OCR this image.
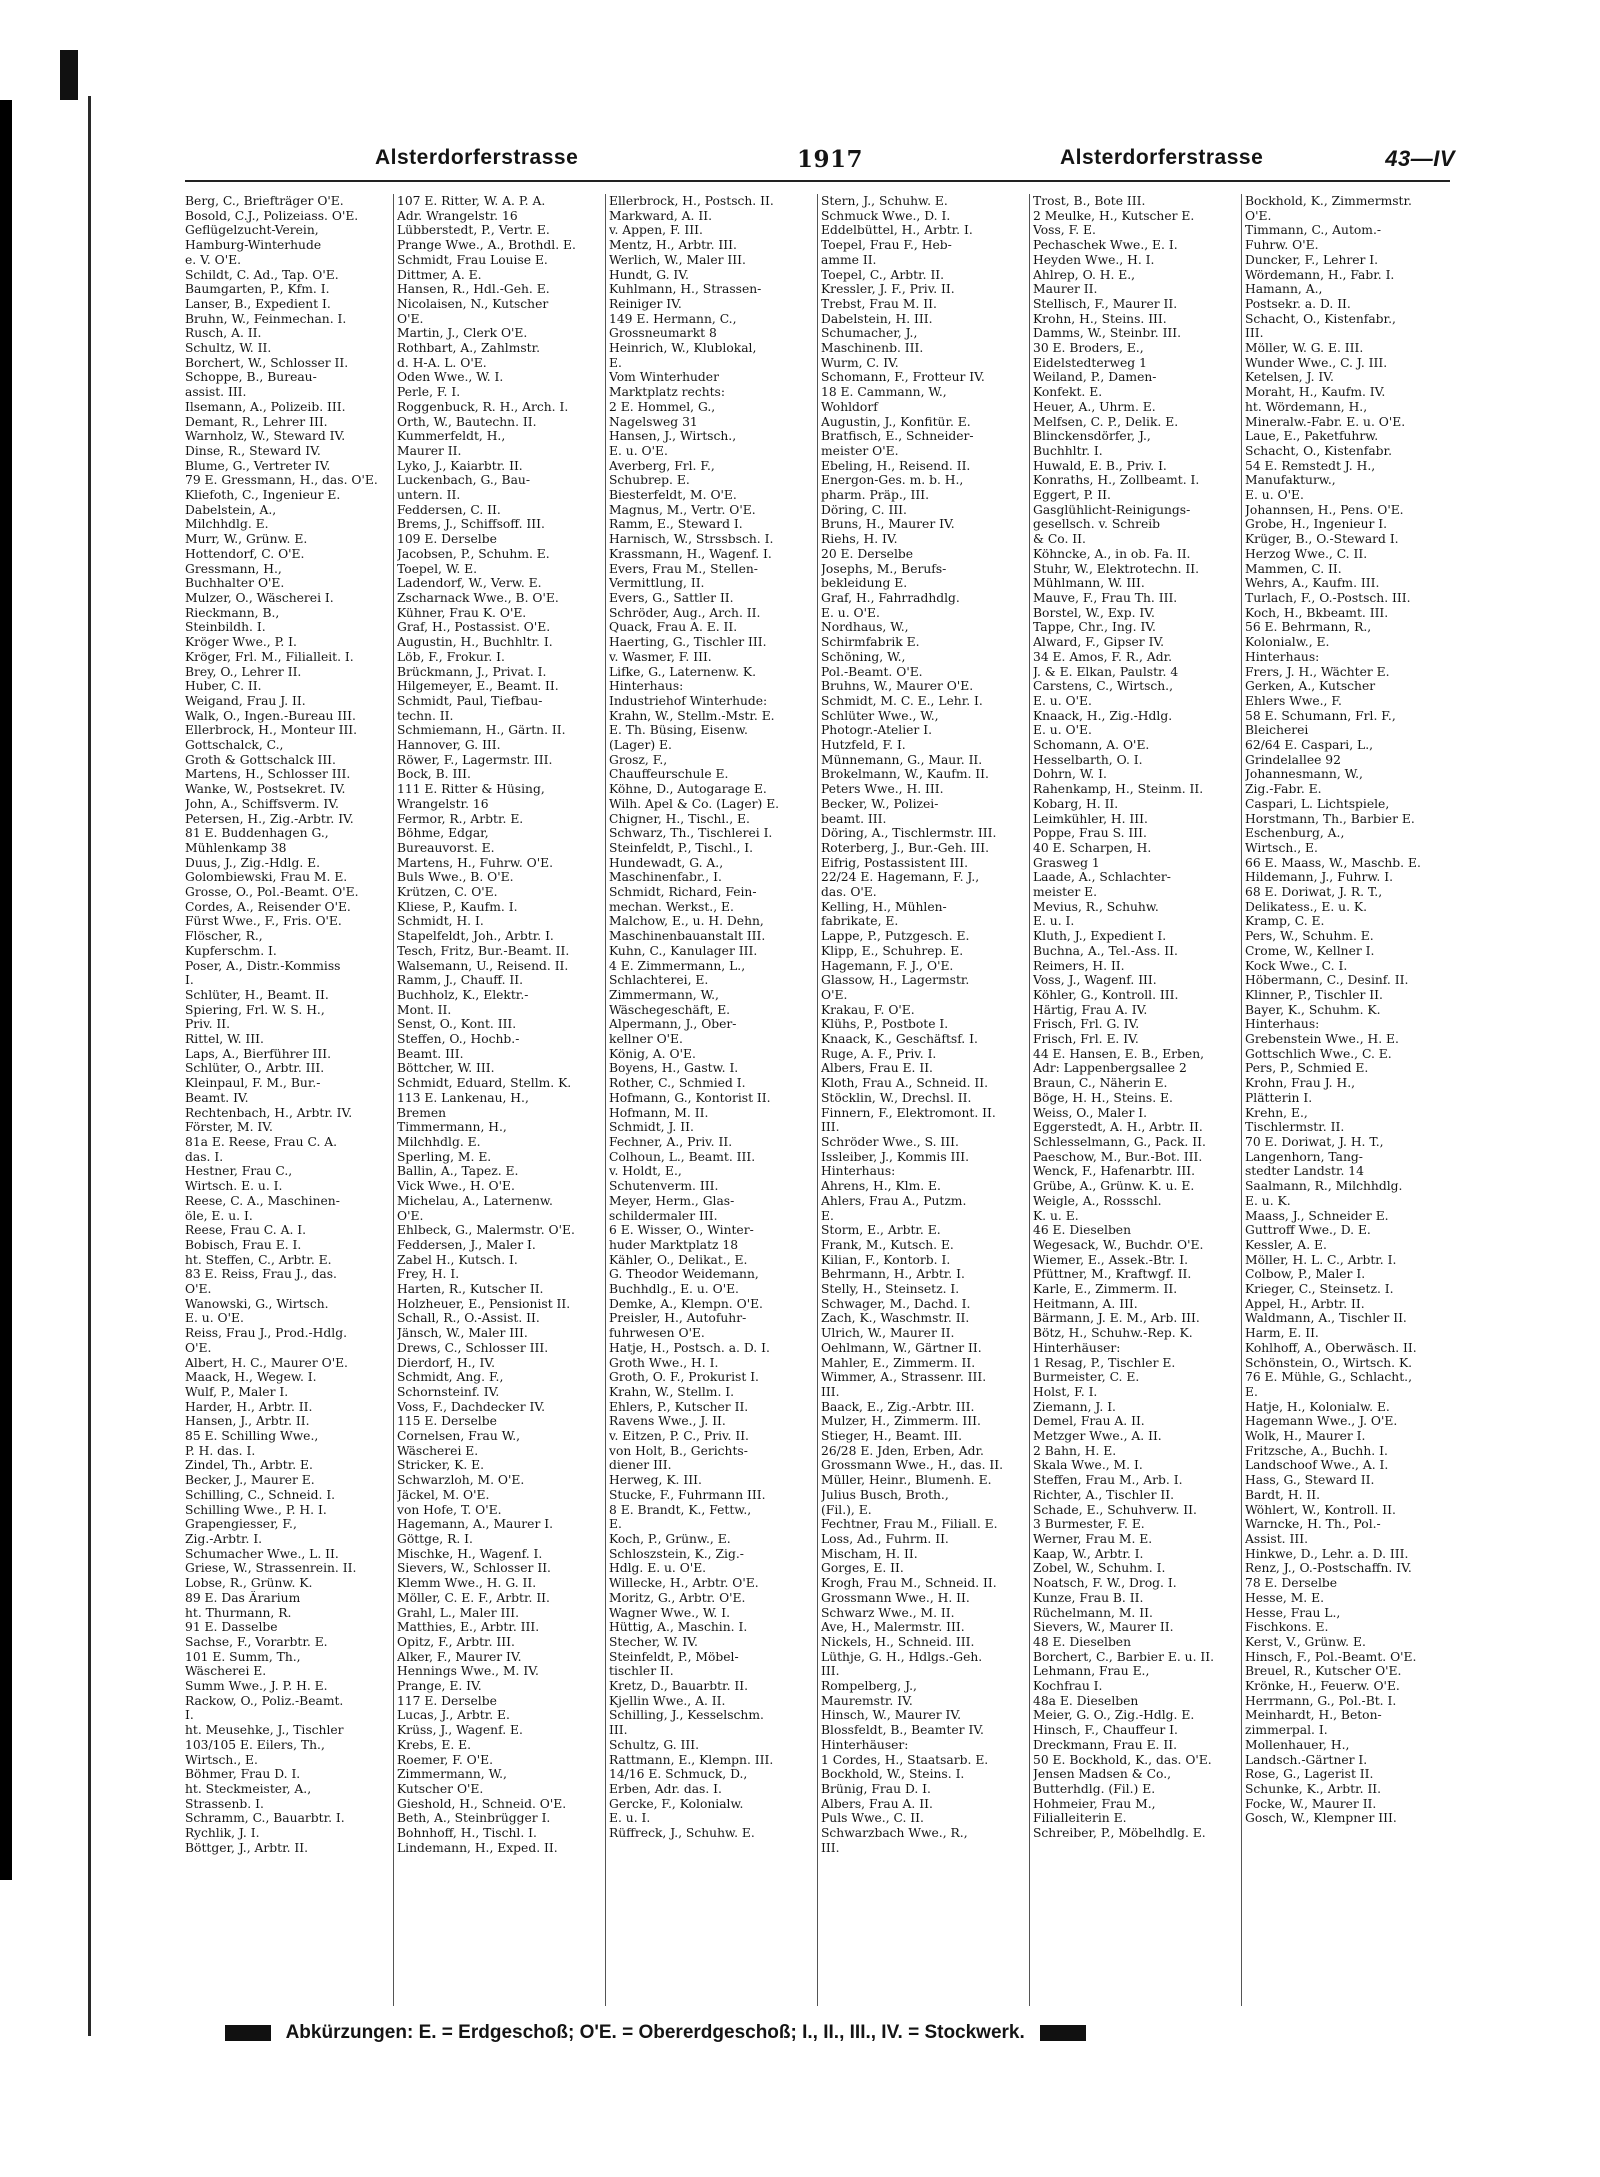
Alsterdorferstrasse	1917	Alsterdorferstrasse	43—IV
Berg, C., Briefträger O'E.
Bosold, C.J., Polizeiass. O'E.
Geflügelzucht-Verein,
Hamburg-Winterhude
e. V. O'E.
Schildt, C. Ad., Tap. O'E.
Baumgarten, P., Kfm. I.
Lanser, B., Expedient I.
Bruhn, W., Feinmechan. I.
Rusch, A. II.
Schultz, W. II.
Borchert, W., Schlosser II.
Schoppe, B., Bureau-
assist. III.
Ilsemann, A., Polizeib. III.
Demant, R., Lehrer III.
Warnholz, W., Steward IV.
Dinse, R., Steward IV.
Blume, G., Vertreter IV.
79 E. Gressmann, H., das. O'E.
Kliefoth, C., Ingenieur E.
Dabelstein, A.,
Milchhdlg. E.
Murr, W., Grünw. E.
Hottendorf, C. O'E.
Gressmann, H.,
Buchhalter O'E.
Mulzer, O., Wäscherei I.
Rieckmann, B.,
Steinbildh. I.
Kröger Wwe., P. I.
Kröger, Frl. M., Filialleit. I.
Brey, O., Lehrer II.
Huber, C. II.
Weigand, Frau J. II.
Walk, O., Ingen.-Bureau III.
Ellerbrock, H., Monteur III.
Gottschalck, C.,
Groth & Gottschalck III.
Martens, H., Schlosser III.
Wanke, W., Postsekret. IV.
John, A., Schiffsverm. IV.
Petersen, H., Zig.-Arbtr. IV.
81 E. Buddenhagen G.,
Mühlenkamp 38
Duus, J., Zig.-Hdlg. E.
Golombiewski, Frau M. E.
Grosse, O., Pol.-Beamt. O'E.
Cordes, A., Reisender O'E.
Fürst Wwe., F., Fris. O'E.
Flöscher, R.,
Kupferschm. I.
Poser, A., Distr.-Kommiss
I.
Schlüter, H., Beamt. II.
Spiering, Frl. W. S. H.,
Priv. II.
Rittel, W. III.
Laps, A., Bierführer III.
Schlüter, O., Arbtr. III.
Kleinpaul, F. M., Bur.-
Beamt. IV.
Rechtenbach, H., Arbtr. IV.
Förster, M. IV.
81a E. Reese, Frau C. A.
das. I.
Hestner, Frau C.,
Wirtsch. E. u. I.
Reese, C. A., Maschinen-
öle, E. u. I.
Reese, Frau C. A. I.
Bobisch, Frau E. I.
ht. Steffen, C., Arbtr. E.
83 E. Reiss, Frau J., das.
O'E.
Wanowski, G., Wirtsch.
E. u. O'E.
Reiss, Frau J., Prod.-Hdlg.
O'E.
Albert, H. C., Maurer O'E.
Maack, H., Wegew. I.
Wulf, P., Maler I.
Harder, H., Arbtr. II.
Hansen, J., Arbtr. II.
85 E. Schilling Wwe.,
P. H. das. I.
Zindel, Th., Arbtr. E.
Becker, J., Maurer E.
Schilling, C., Schneid. I.
Schilling Wwe., P. H. I.
Grapengiesser, F.,
Zig.-Arbtr. I.
Schumacher Wwe., L. II.
Griese, W., Strassenrein. II.
Lobse, R., Grünw. K.
89 E. Das Ärarium
ht. Thurmann, R.
91 E. Dasselbe
Sachse, F., Vorarbtr. E.
101 E. Summ, Th.,
Wäscherei E.
Summ Wwe., J. P. H. E.
Rackow, O., Poliz.-Beamt.
I.
ht. Meusehke, J., Tischler
103/105 E. Eilers, Th.,
Wirtsch., E.
Böhmer, Frau D. I.
ht. Steckmeister, A.,
Strassenb. I.
Schramm, C., Bauarbtr. I.
Rychlik, J. I.
Böttger, J., Arbtr. II.
107 E. Ritter, W. A. P. A.
Adr. Wrangelstr. 16
Lübberstedt, P., Vertr. E.
Prange Wwe., A., Brothdl. E.
Schmidt, Frau Louise E.
Dittmer, A. E.
Hansen, R., Hdl.-Geh. E.
Nicolaisen, N., Kutscher
O'E.
Martin, J., Clerk O'E.
Rothbart, A., Zahlmstr.
d. H-A. L. O'E.
Oden Wwe., W. I.
Perle, F. I.
Roggenbuck, R. H., Arch. I.
Orth, W., Bautechn. II.
Kummerfeldt, H.,
Maurer II.
Lyko, J., Kaiarbtr. II.
Luckenbach, G., Bau-
untern. II.
Feddersen, C. II.
Brems, J., Schiffsoff. III.
109 E. Derselbe
Jacobsen, P., Schuhm. E.
Toepel, W. E.
Ladendorf, W., Verw. E.
Zscharnack Wwe., B. O'E.
Kühner, Frau K. O'E.
Graf, H., Postassist. O'E.
Augustin, H., Buchhltr. I.
Löb, F., Frokur. I.
Brückmann, J., Privat. I.
Hilgemeyer, E., Beamt. II.
Schmidt, Paul, Tiefbau-
techn. II.
Schmiemann, H., Gärtn. II.
Hannover, G. III.
Röwer, F., Lagermstr. III.
Bock, B. III.
111 E. Ritter & Hüsing,
Wrangelstr. 16
Fermor, R., Arbtr. E.
Böhme, Edgar,
Bureauvorst. E.
Martens, H., Fuhrw. O'E.
Buls Wwe., B. O'E.
Krützen, C. O'E.
Kliese, P., Kaufm. I.
Schmidt, H. I.
Stapelfeldt, Joh., Arbtr. I.
Tesch, Fritz, Bur.-Beamt. II.
Walsemann, U., Reisend. II.
Ramm, J., Chauff. II.
Buchholz, K., Elektr.-
Mont. II.
Senst, O., Kont. III.
Steffen, O., Hochb.-
Beamt. III.
Böttcher, W. III.
Schmidt, Eduard, Stellm. K.
113 E. Lankenau, H.,
Bremen
Timmermann, H.,
Milchhdlg. E.
Sperling, M. E.
Ballin, A., Tapez. E.
Vick Wwe., H. O'E.
Michelau, A., Laternenw.
O'E.
Ehlbeck, G., Malermstr. O'E.
Feddersen, J., Maler I.
Zabel H., Kutsch. I.
Frey, H. I.
Harten, R., Kutscher II.
Holzheuer, E., Pensionist II.
Schall, R., O.-Assist. II.
Jänsch, W., Maler III.
Drews, C., Schlosser III.
Dierdorf, H., IV.
Schmidt, Ang. F.,
Schornsteinf. IV.
Voss, F., Dachdecker IV.
115 E. Derselbe
Cornelsen, Frau W.,
Wäscherei E.
Stricker, K. E.
Schwarzloh, M. O'E.
Jäckel, M. O'E.
von Hofe, T. O'E.
Hagemann, A., Maurer I.
Göttge, R. I.
Mischke, H., Wagenf. I.
Sievers, W., Schlosser II.
Klemm Wwe., H. G. II.
Möller, C. E. F., Arbtr. II.
Grahl, L., Maler III.
Matthies, E., Arbtr. III.
Opitz, F., Arbtr. III.
Alker, F., Maurer IV.
Hennings Wwe., M. IV.
Prange, E. IV.
117 E. Derselbe
Lucas, J., Arbtr. E.
Krüss, J., Wagenf. E.
Krebs, E. E.
Roemer, F. O'E.
Zimmermann, W.,
Kutscher O'E.
Gieshold, H., Schneid. O'E.
Beth, A., Steinbrügger I.
Bohnhoff, H., Tischl. I.
Lindemann, H., Exped. II.
Ellerbrock, H., Postsch. II.
Markward, A. II.
v. Appen, F. III.
Mentz, H., Arbtr. III.
Werlich, W., Maler III.
Hundt, G. IV.
Kuhlmann, H., Strassen-
Reiniger IV.
149 E. Hermann, C.,
Grossneumarkt 8
Heinrich, W., Klublokal,
E.
Vom Winterhuder
Marktplatz rechts:
2 E. Hommel, G.,
Nagelsweg 31
Hansen, J., Wirtsch.,
E. u. O'E.
Averberg, Frl. F.,
Schubrep. E.
Biesterfeldt, M. O'E.
Magnus, M., Vertr. O'E.
Ramm, E., Steward I.
Harnisch, W., Strssbsch. I.
Krassmann, H., Wagenf. I.
Evers, Frau M., Stellen-
Vermittlung, II.
Evers, G., Sattler II.
Schröder, Aug., Arch. II.
Quack, Frau A. E. II.
Haerting, G., Tischler III.
v. Wasmer, F. III.
Lifke, G., Laternenw. K.
Hinterhaus:
Industriehof Winterhude:
Krahn, W., Stellm.-Mstr. E.
E. Th. Büsing, Eisenw.
(Lager) E.
Grosz, F.,
Chauffeurschule E.
Köhne, D., Autogarage E.
Wilh. Apel & Co. (Lager) E.
Chigner, H., Tischl., E.
Schwarz, Th., Tischlerei I.
Steinfeldt, P., Tischl., I.
Hundewadt, G. A.,
Maschinenfabr., I.
Schmidt, Richard, Fein-
mechan. Werkst., E.
Malchow, E., u. H. Dehn,
Maschinenbauanstalt III.
Kuhn, C., Kanulager III.
4 E. Zimmermann, L.,
Schlachterei, E.
Zimmermann, W.,
Wäschegeschäft, E.
Alpermann, J., Ober-
kellner O'E.
König, A. O'E.
Boyens, H., Gastw. I.
Rother, C., Schmied I.
Hofmann, G., Kontorist II.
Hofmann, M. II.
Schmidt, J. II.
Fechner, A., Priv. II.
Colhoun, L., Beamt. III.
v. Holdt, E.,
Schutenverm. III.
Meyer, Herm., Glas-
schildermaler III.
6 E. Wisser, O., Winter-
huder Marktplatz 18
Kähler, O., Delikat., E.
G. Theodor Weidemann,
Buchhdlg., E. u. O'E.
Demke, A., Klempn. O'E.
Preisler, H., Autofuhr-
fuhrwesen O'E.
Hatje, H., Postsch. a. D. I.
Groth Wwe., H. I.
Groth, O. F., Prokurist I.
Krahn, W., Stellm. I.
Ehlers, P., Kutscher II.
Ravens Wwe., J. II.
v. Eitzen, P. C., Priv. II.
von Holt, B., Gerichts-
diener III.
Herweg, K. III.
Stucke, F., Fuhrmann III.
8 E. Brandt, K., Fettw.,
E.
Koch, P., Grünw., E.
Schloszstein, K., Zig.-
Hdlg. E. u. O'E.
Willecke, H., Arbtr. O'E.
Moritz, G., Arbtr. O'E.
Wagner Wwe., W. I.
Hüttig, A., Maschin. I.
Stecher, W. IV.
Steinfeldt, P., Möbel-
tischler II.
Kretz, D., Bauarbtr. II.
Kjellin Wwe., A. II.
Schilling, J., Kesselschm.
III.
Schultz, G. III.
Rattmann, E., Klempn. III.
14/16 E. Schmuck, D.,
Erben, Adr. das. I.
Gercke, F., Kolonialw.
E. u. I.
Rüffreck, J., Schuhw. E.
Stern, J., Schuhw. E.
Schmuck Wwe., D. I.
Eddelbüttel, H., Arbtr. I.
Toepel, Frau F., Heb-
amme II.
Toepel, C., Arbtr. II.
Kressler, J. F., Priv. II.
Trebst, Frau M. II.
Dabelstein, H. III.
Schumacher, J.,
Maschinenb. III.
Wurm, C. IV.
Schomann, F., Frotteur IV.
18 E. Cammann, W.,
Wohldorf
Augustin, J., Konfitür. E.
Bratfisch, E., Schneider-
meister O'E.
Ebeling, H., Reisend. II.
Energon-Ges. m. b. H.,
pharm. Präp., III.
Döring, C. III.
Bruns, H., Maurer IV.
Riehs, H. IV.
20 E. Derselbe
Josephs, M., Berufs-
bekleidung E.
Graf, H., Fahrradhdlg.
E. u. O'E.
Nordhaus, W.,
Schirmfabrik E.
Schöning, W.,
Pol.-Beamt. O'E.
Bruhns, W., Maurer O'E.
Schmidt, M. C. E., Lehr. I.
Schlüter Wwe., W.,
Photogr.-Atelier I.
Hutzfeld, F. I.
Münnemann, G., Maur. II.
Brokelmann, W., Kaufm. II.
Peters Wwe., H. III.
Becker, W., Polizei-
beamt. III.
Döring, A., Tischlermstr. III.
Roterberg, J., Bur.-Geh. III.
Eifrig, Postassistent III.
22/24 E. Hagemann, F. J.,
das. O'E.
Kelling, H., Mühlen-
fabrikate, E.
Lappe, P., Putzgesch. E.
Klipp, E., Schuhrep. E.
Hagemann, F. J., O'E.
Glassow, H., Lagermstr.
O'E.
Krakau, F. O'E.
Klühs, P., Postbote I.
Knaack, K., Geschäftsf. I.
Ruge, A. F., Priv. I.
Albers, Frau E. II.
Kloth, Frau A., Schneid. II.
Stöcklin, W., Drechsl. II.
Finnern, F., Elektromont. II.
III.
Schröder Wwe., S. III.
Issleiber, J., Kommis III.
Hinterhaus:
Ahrens, H., Klm. E.
Ahlers, Frau A., Putzm.
E.
Storm, E., Arbtr. E.
Frank, M., Kutsch. E.
Kilian, F., Kontorb. I.
Behrmann, H., Arbtr. I.
Stelly, H., Steinsetz. I.
Schwager, M., Dachd. I.
Zach, K., Waschmstr. II.
Ulrich, W., Maurer II.
Oehlmann, W., Gärtner II.
Mahler, E., Zimmerm. II.
Wimmer, A., Strassenr. III.
III.
Baack, E., Zig.-Arbtr. III.
Mulzer, H., Zimmerm. III.
Stieger, H., Beamt. III.
26/28 E. Jden, Erben, Adr.
Grossmann Wwe., H., das. II.
Müller, Heinr., Blumenh. E.
Julius Busch, Broth.,
(Fil.), E.
Fechtner, Frau M., Filiall. E.
Loss, Ad., Fuhrm. II.
Mischam, H. II.
Gorges, E. II.
Krogh, Frau M., Schneid. II.
Grossmann Wwe., H. II.
Schwarz Wwe., M. II.
Ave, H., Malermstr. III.
Nickels, H., Schneid. III.
Lüthje, G. H., Hdlgs.-Geh.
III.
Rompelberg, J.,
Mauremstr. IV.
Hinsch, W., Maurer IV.
Blossfeldt, B., Beamter IV.
Hinterhäuser:
1 Cordes, H., Staatsarb. E.
Bockhold, W., Steins. I.
Brünig, Frau D. I.
Albers, Frau A. II.
Puls Wwe., C. II.
Schwarzbach Wwe., R.,
III.
Trost, B., Bote III.
2 Meulke, H., Kutscher E.
Voss, F. E.
Pechaschek Wwe., E. I.
Heyden Wwe., H. I.
Ahlrep, O. H. E.,
Maurer II.
Stellisch, F., Maurer II.
Krohn, H., Steins. III.
Damms, W., Steinbr. III.
30 E. Broders, E.,
Eidelstedterweg 1
Weiland, P., Damen-
Konfekt. E.
Heuer, A., Uhrm. E.
Melfsen, C. P., Delik. E.
Blinckensdörfer, J.,
Buchhltr. I.
Huwald, E. B., Priv. I.
Konraths, H., Zollbeamt. I.
Eggert, P. II.
Gasglühlicht-Reinigungs-
gesellsch. v. Schreib
& Co. II.
Köhncke, A., in ob. Fa. II.
Stuhr, W., Elektrotechn. II.
Mühlmann, W. III.
Mauve, F., Frau Th. III.
Borstel, W., Exp. IV.
Tappe, Chr., Ing. IV.
Alward, F., Gipser IV.
34 E. Amos, F. R., Adr.
J. & E. Elkan, Paulstr. 4
Carstens, C., Wirtsch.,
E. u. O'E.
Knaack, H., Zig.-Hdlg.
E. u. O'E.
Schomann, A. O'E.
Hesselbarth, O. I.
Dohrn, W. I.
Rahenkamp, H., Steinm. II.
Kobarg, H. II.
Leimkühler, H. III.
Poppe, Frau S. III.
40 E. Scharpen, H.
Grasweg 1
Laade, A., Schlachter-
meister E.
Mevius, R., Schuhw.
E. u. I.
Kluth, J., Expedient I.
Buchna, A., Tel.-Ass. II.
Reimers, H. II.
Voss, J., Wagenf. III.
Köhler, G., Kontroll. III.
Härtig, Frau A. IV.
Frisch, Frl. G. IV.
Frisch, Frl. E. IV.
44 E. Hansen, E. B., Erben,
Adr: Lappenbergsallee 2
Braun, C., Näherin E.
Böge, H. H., Steins. E.
Weiss, O., Maler I.
Eggerstedt, A. H., Arbtr. II.
Schlesselmann, G., Pack. II.
Paeschow, M., Bur.-Bot. III.
Wenck, F., Hafenarbtr. III.
Grübe, A., Grünw. K. u. E.
Weigle, A., Rossschl.
K. u. E.
46 E. Dieselben
Wegesack, W., Buchdr. O'E.
Wiemer, E., Assek.-Btr. I.
Pfüttner, M., Kraftwgf. II.
Karle, E., Zimmerm. II.
Heitmann, A. III.
Bärmann, J. E. M., Arb. III.
Bötz, H., Schuhw.-Rep. K.
Hinterhäuser:
1 Resag, P., Tischler E.
Burmeister, C. E.
Holst, F. I.
Ziemann, J. I.
Demel, Frau A. II.
Metzger Wwe., A. II.
2 Bahn, H. E.
Skala Wwe., M. I.
Steffen, Frau M., Arb. I.
Richter, A., Tischler II.
Schade, E., Schuhverw. II.
3 Burmester, F. E.
Werner, Frau M. E.
Kaap, W., Arbtr. I.
Zobel, W., Schuhm. I.
Noatsch, F. W., Drog. I.
Kunze, Frau B. II.
Rüchelmann, M. II.
Sievers, W., Maurer II.
48 E. Dieselben
Borchert, C., Barbier E. u. II.
Lehmann, Frau E.,
Kochfrau I.
48a E. Dieselben
Meier, G. O., Zig.-Hdlg. E.
Hinsch, F., Chauffeur I.
Dreckmann, Frau E. II.
50 E. Bockhold, K., das. O'E.
Jensen Madsen & Co.,
Butterhdlg. (Fil.) E.
Hohmeier, Frau M.,
Filialleiterin E.
Schreiber, P., Möbelhdlg. E.
Bockhold, K., Zimmermstr.
O'E.
Timmann, C., Autom.-
Fuhrw. O'E.
Duncker, F., Lehrer I.
Wördemann, H., Fabr. I.
Hamann, A.,
Postsekr. a. D. II.
Schacht, O., Kistenfabr.,
III.
Möller, W. G. E. III.
Wunder Wwe., C. J. III.
Ketelsen, J. IV.
Moraht, H., Kaufm. IV.
ht. Wördemann, H.,
Mineralw.-Fabr. E. u. O'E.
Laue, E., Paketfuhrw.
Schacht, O., Kistenfabr.
54 E. Remstedt J. H.,
Manufakturw.,
E. u. O'E.
Johannsen, H., Pens. O'E.
Grobe, H., Ingenieur I.
Krüger, B., O.-Steward I.
Herzog Wwe., C. II.
Mammen, C. II.
Wehrs, A., Kaufm. III.
Turlach, F., O.-Postsch. III.
Koch, H., Bkbeamt. III.
56 E. Behrmann, R.,
Kolonialw., E.
Hinterhaus:
Frers, J. H., Wächter E.
Gerken, A., Kutscher
Ehlers Wwe., F.
58 E. Schumann, Frl. F.,
Bleicherei
62/64 E. Caspari, L.,
Grindelallee 92
Johannesmann, W.,
Zig.-Fabr. E.
Caspari, L. Lichtspiele,
Horstmann, Th., Barbier E.
Eschenburg, A.,
Wirtsch., E.
66 E. Maass, W., Maschb. E.
Hildemann, J., Fuhrw. I.
68 E. Doriwat, J. R. T.,
Delikatess., E. u. K.
Kramp, C. E.
Pers, W., Schuhm. E.
Crome, W., Kellner I.
Kock Wwe., C. I.
Höbermann, C., Desinf. II.
Klinner, P., Tischler II.
Bayer, K., Schuhm. K.
Hinterhaus:
Grebenstein Wwe., H. E.
Gottschlich Wwe., C. E.
Pers, P., Schmied E.
Krohn, Frau J. H.,
Plätterin I.
Krehn, E.,
Tischlermstr. II.
70 E. Doriwat, J. H. T.,
Langenhorn, Tang-
stedter Landstr. 14
Saalmann, R., Milchhdlg.
E. u. K.
Maass, J., Schneider E.
Guttroff Wwe., D. E.
Kessler, A. E.
Möller, H. L. C., Arbtr. I.
Colbow, P., Maler I.
Krieger, C., Steinsetz. I.
Appel, H., Arbtr. II.
Waldmann, A., Tischler II.
Harm, E. II.
Kohlhoff, A., Oberwäsch. II.
Schönstein, O., Wirtsch. K.
76 E. Mühle, G., Schlacht.,
E.
Hatje, H., Kolonialw. E.
Hagemann Wwe., J. O'E.
Wolk, H., Maurer I.
Fritzsche, A., Buchh. I.
Landschoof Wwe., A. I.
Hass, G., Steward II.
Bardt, H. II.
Wöhlert, W., Kontroll. II.
Warncke, H. Th., Pol.-
Assist. III.
Hinkwe, D., Lehr. a. D. III.
Renz, J., O.-Postschaffn. IV.
78 E. Derselbe
Hesse, M. E.
Hesse, Frau L.,
Fischkons. E.
Kerst, V., Grünw. E.
Hinsch, F., Pol.-Beamt. O'E.
Breuel, R., Kutscher O'E.
Krönke, H., Feuerw. O'E.
Herrmann, G., Pol.-Bt. I.
Meinhardt, H., Beton-
zimmerpal. I.
Mollenhauer, H.,
Landsch.-Gärtner I.
Rose, G., Lagerist II.
Schunke, K., Arbtr. II.
Focke, W., Maurer II.
Gosch, W., Klempner III.
Abkürzungen: E. = Erdgeschoß; O'E. = Obererdgeschoß; I., II., III., IV. = Stockwerk.
